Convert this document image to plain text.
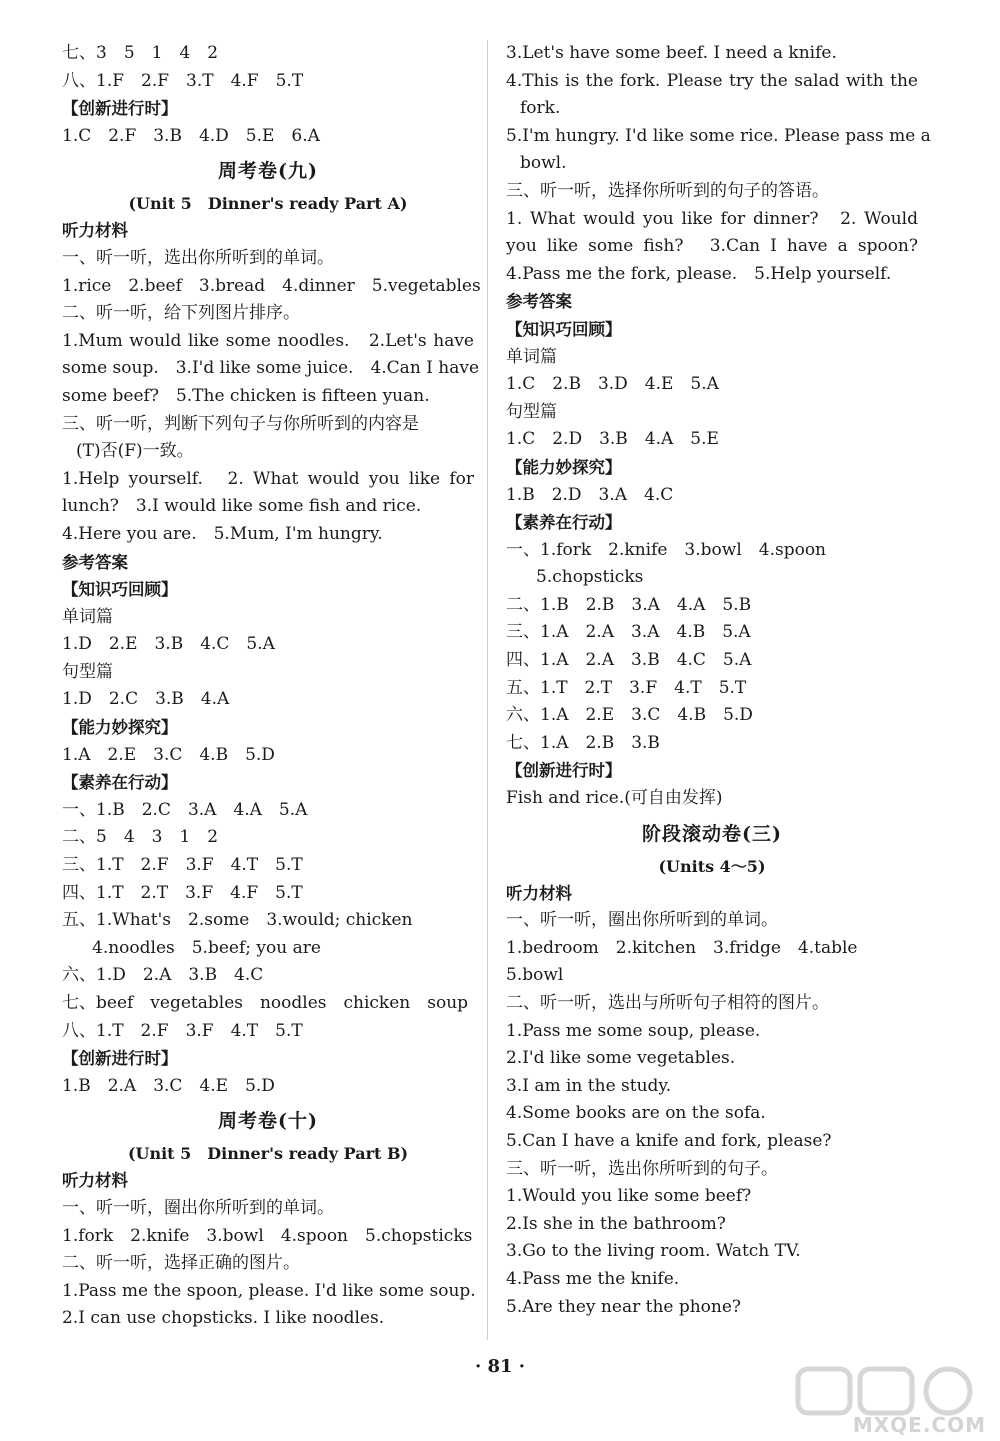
七、3　5　1　4　2
八、1.F　2.F　3.T　4.F　5.T
【创新进行时】
1.C　2.F　3.B　4.D　5.E　6.A
周考卷(九)
(Unit 5　Dinner's ready Part A)
听力材料
一、听一听，选出你所听到的单词。
1.rice　2.beef　3.bread　4.dinner　5.vegetables
二、听一听，给下列图片排序。
1.Mum would like some noodles.　2.Let's have
some soup.　3.I'd like some juice.　4.Can I have
some beef?　5.The chicken is fifteen yuan.
三、听一听，判断下列句子与你所听到的内容是
(T)否(F)一致。
1.Help yourself.　2. What would you like for
lunch?　3.I would like some fish and rice.
4.Here you are.　5.Mum, I'm hungry.
参考答案
【知识巧回顾】
单词篇
1.D　2.E　3.B　4.C　5.A
句型篇
1.D　2.C　3.B　4.A
【能力妙探究】
1.A　2.E　3.C　4.B　5.D
【素养在行动】
一、1.B　2.C　3.A　4.A　5.A
二、5　4　3　1　2
三、1.T　2.F　3.F　4.T　5.T
四、1.T　2.T　3.F　4.F　5.T
五、1.What's　2.some　3.would; chicken
4.noodles　5.beef; you are
六、1.D　2.A　3.B　4.C
七、beef　vegetables　noodles　chicken　soup
八、1.T　2.F　3.F　4.T　5.T
【创新进行时】
1.B　2.A　3.C　4.E　5.D
周考卷(十)
(Unit 5　Dinner's ready Part B)
听力材料
一、听一听，圈出你所听到的单词。
1.fork　2.knife　3.bowl　4.spoon　5.chopsticks
二、听一听，选择正确的图片。
1.Pass me the spoon, please. I'd like some soup.
2.I can use chopsticks. I like noodles.
3.Let's have some beef. I need a knife.
4.This is the fork. Please try the salad with the
fork.
5.I'm hungry. I'd like some rice. Please pass me a
bowl.
三、听一听，选择你所听到的句子的答语。
1. What would you like for dinner?　2. Would
you like some fish?　3.Can I have a spoon?
4.Pass me the fork, please.　5.Help yourself.
参考答案
【知识巧回顾】
单词篇
1.C　2.B　3.D　4.E　5.A
句型篇
1.C　2.D　3.B　4.A　5.E
【能力妙探究】
1.B　2.D　3.A　4.C
【素养在行动】
一、1.fork　2.knife　3.bowl　4.spoon
5.chopsticks
二、1.B　2.B　3.A　4.A　5.B
三、1.A　2.A　3.A　4.B　5.A
四、1.A　2.A　3.B　4.C　5.A
五、1.T　2.T　3.F　4.T　5.T
六、1.A　2.E　3.C　4.B　5.D
七、1.A　2.B　3.B
【创新进行时】
Fish and rice.(可自由发挥)
阶段滚动卷(三)
(Units 4～5)
听力材料
一、听一听，圈出你所听到的单词。
1.bedroom　2.kitchen　3.fridge　4.table
5.bowl
二、听一听，选出与所听句子相符的图片。
1.Pass me some soup, please.
2.I'd like some vegetables.
3.I am in the study.
4.Some books are on the sofa.
5.Can I have a knife and fork, please?
三、听一听，选出你所听到的句子。
1.Would you like some beef?
2.Is she in the bathroom?
3.Go to the living room. Watch TV.
4.Pass me the knife.
5.Are they near the phone?
· 81 ·
MXQE.COM
